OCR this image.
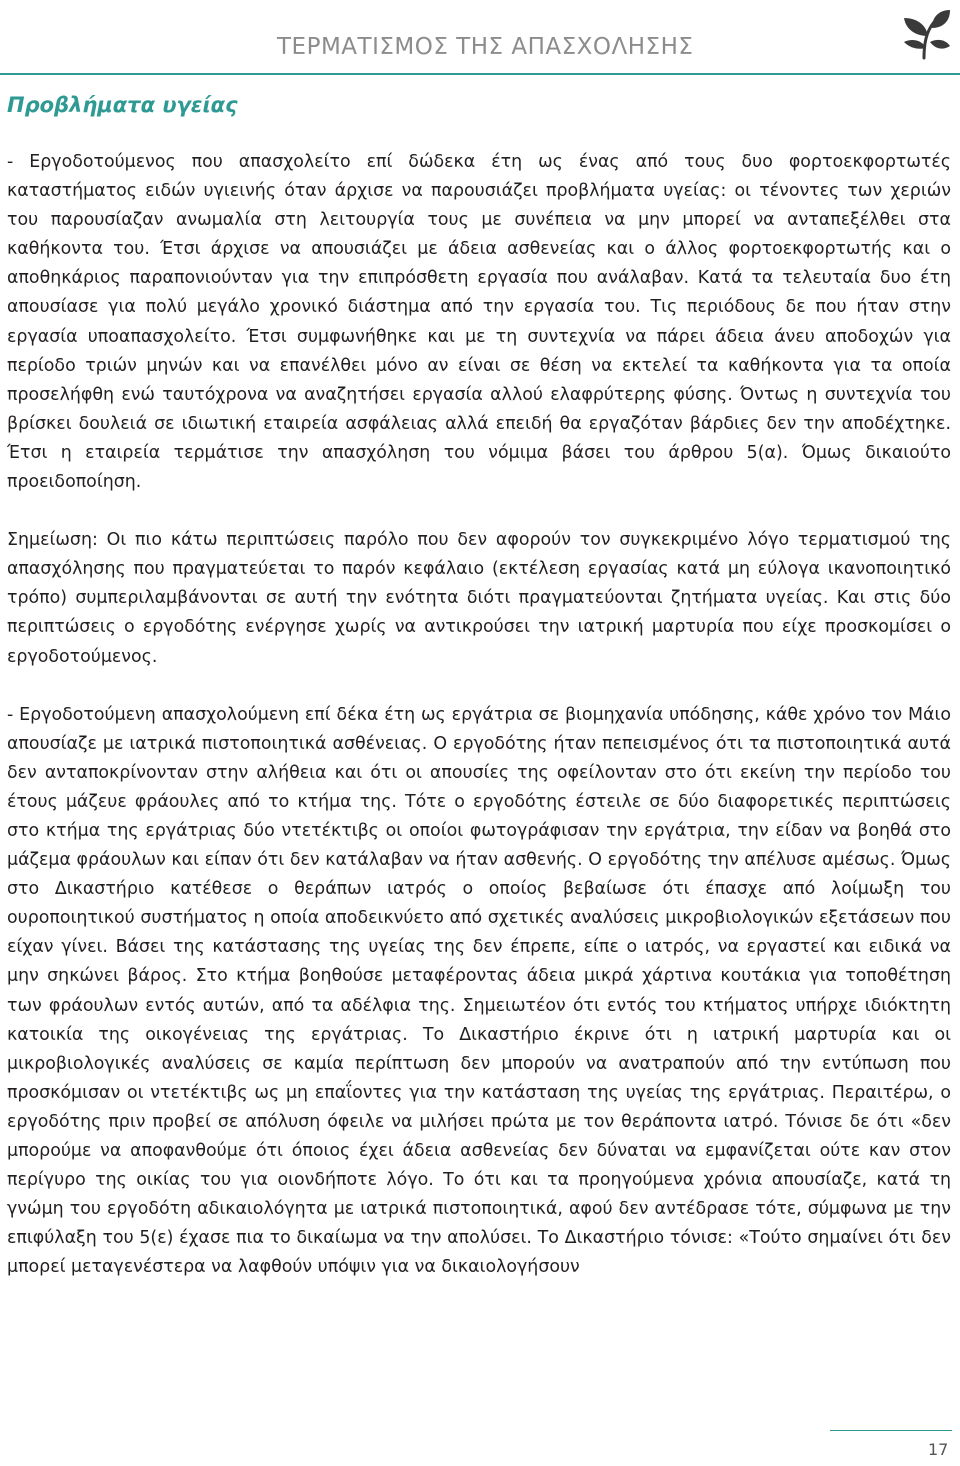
ΤΕΡΜΑΤΙΣΜΟΣ ΤΗΣ ΑΠΑΣΧΟΛΗΣΗΣ
Προβλήματα υγείας

- Εργοδοτούμενος που απασχολείτο επί δώδεκα έτη ως ένας από τους δυο φορτοεκφορτωτές καταστήματος ειδών υγιεινής όταν άρχισε να παρουσιάζει προβλήματα υγείας: οι τένοντες των χεριών του παρουσίαζαν ανωμαλία στη λειτουργία τους με συνέπεια να μην μπορεί να ανταπεξέλθει στα καθήκοντα του. Έτσι άρχισε να απουσιάζει με άδεια ασθενείας και ο άλλος φορτοεκφορτωτής και ο αποθηκάριος παραπονιούνταν για την επιπρόσθετη εργασία που ανάλαβαν. Κατά τα τελευταία δυο έτη απουσίασε για πολύ μεγάλο χρονικό διάστημα από την εργασία του. Τις περιόδους δε που ήταν στην εργασία υποαπασχολείτο. Έτσι συμφωνήθηκε και με τη συντεχνία να πάρει άδεια άνευ αποδοχών για περίοδο τριών μηνών και να επανέλθει μόνο αν είναι σε θέση να εκτελεί τα καθήκοντα για τα οποία προσελήφθη ενώ ταυτόχρονα να αναζητήσει εργασία αλλού ελαφρύτερης φύσης. Όντως η συντεχνία του βρίσκει δουλειά σε ιδιωτική εταιρεία ασφάλειας αλλά επειδή θα εργαζόταν βάρδιες δεν την αποδέχτηκε. Έτσι η εταιρεία τερμάτισε την απασχόληση του νόμιμα βάσει του άρθρου 5(α). Όμως δικαιούτο προειδοποίηση.

Σημείωση: Οι πιο κάτω περιπτώσεις παρόλο που δεν αφορούν τον συγκεκριμένο λόγο τερματισμού της απασχόλησης που πραγματεύεται το παρόν κεφάλαιο (εκτέλεση εργασίας κατά μη εύλογα ικανοποιητικό τρόπο) συμπεριλαμβάνονται σε αυτή την ενότητα διότι πραγματεύονται ζητήματα υγείας. Και στις δύο περιπτώσεις ο εργοδότης ενέργησε χωρίς να αντικρούσει την ιατρική μαρτυρία που είχε προσκομίσει ο εργοδοτούμενος.

- Εργοδοτούμενη απασχολούμενη επί δέκα έτη ως εργάτρια σε βιομηχανία υπόδησης, κάθε χρόνο τον Μάιο απουσίαζε με ιατρικά πιστοποιητικά ασθένειας. Ο εργοδότης ήταν πεπεισμένος ότι τα πιστοποιητικά αυτά δεν ανταποκρίνονταν στην αλήθεια και ότι οι απουσίες της οφείλονταν στο ότι εκείνη την περίοδο του έτους μάζευε φράουλες από το κτήμα της. Τότε ο εργοδότης έστειλε σε δύο διαφορετικές περιπτώσεις στο κτήμα της εργάτριας δύο ντετέκτιβς οι οποίοι φωτογράφισαν την εργάτρια, την είδαν να βοηθά στο μάζεμα φράουλων και είπαν ότι δεν κατάλαβαν να ήταν ασθενής. Ο εργοδότης την απέλυσε αμέσως. Όμως στο Δικαστήριο κατέθεσε ο θεράπων ιατρός ο οποίος βεβαίωσε ότι έπασχε από λοίμωξη του ουροποιητικού συστήματος η οποία αποδεικνύετο από σχετικές αναλύσεις μικροβιολογικών εξετάσεων που είχαν γίνει. Βάσει της κατάστασης της υγείας της δεν έπρεπε, είπε ο ιατρός, να εργαστεί και ειδικά να μην σηκώνει βάρος. Στο κτήμα βοηθούσε μεταφέροντας άδεια μικρά χάρτινα κουτάκια για τοποθέτηση των φράουλων εντός αυτών, από τα αδέλφια της. Σημειωτέον ότι εντός του κτήματος υπήρχε ιδιόκτητη κατοικία της οικογένειας της εργάτριας. Το Δικαστήριο έκρινε ότι η ιατρική μαρτυρία και οι μικροβιολογικές αναλύσεις σε καμία περίπτωση δεν μπορούν να ανατραπούν από την εντύπωση που προσκόμισαν οι ντετέκτιβς ως μη επαΐοντες για την κατάσταση της υγείας της εργάτριας. Περαιτέρω, ο εργοδότης πριν προβεί σε απόλυση όφειλε να μιλήσει πρώτα με τον θεράποντα ιατρό. Τόνισε δε ότι «δεν μπορούμε να αποφανθούμε ότι όποιος έχει άδεια ασθενείας δεν δύναται να εμφανίζεται ούτε καν στον περίγυρο της οικίας του για οιονδήποτε λόγο. Το ότι και τα προηγούμενα χρόνια απουσίαζε, κατά τη γνώμη του εργοδότη αδικαιολόγητα με ιατρικά πιστοποιητικά, αφού δεν αντέδρασε τότε, σύμφωνα με την επιφύλαξη του 5(ε) έχασε πια το δικαίωμα να την απολύσει. Το Δικαστήριο τόνισε: «Τούτο σημαίνει ότι δεν μπορεί μεταγενέστερα να λαφθούν υπόψιν για να δικαιολογήσουν

17
